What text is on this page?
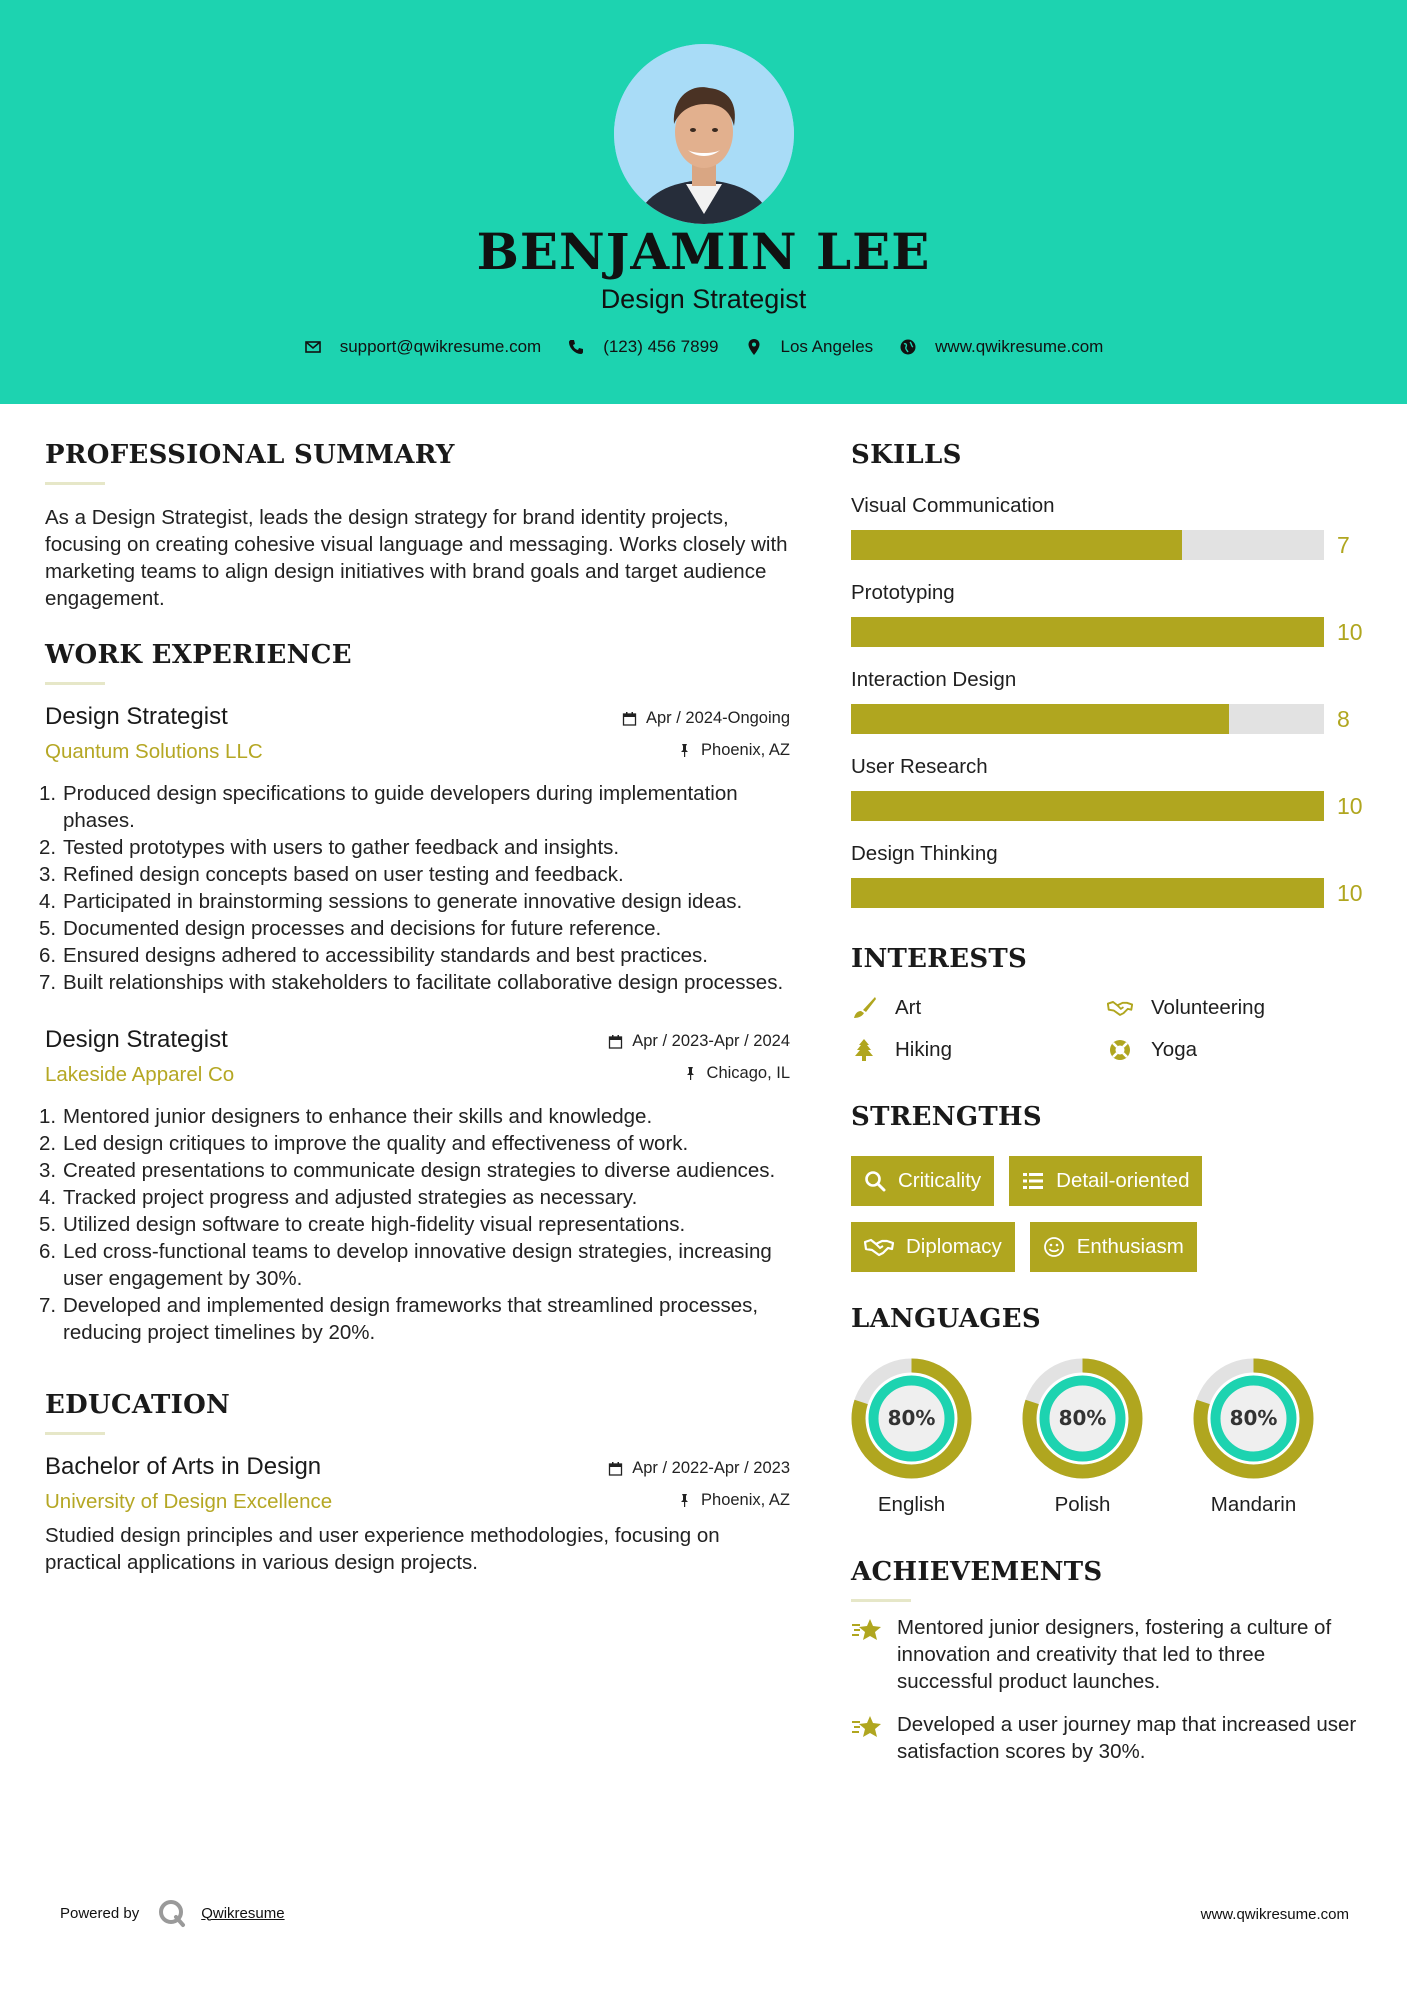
BENJAMIN LEE
Design Strategist
support@qwikresume.com	(123) 456 7899	Los Angeles	www.qwikresume.com
PROFESSIONAL SUMMARY
As a Design Strategist, leads the design strategy for brand identity projects, focusing on creating cohesive visual language and messaging. Works closely with marketing teams to align design initiatives with brand goals and target audience engagement.
WORK EXPERIENCE
Design Strategist
Quantum Solutions LLC
Apr / 2024-Ongoing
Phoenix, AZ
1. Produced design specifications to guide developers during implementation phases.
2. Tested prototypes with users to gather feedback and insights.
3. Refined design concepts based on user testing and feedback.
4. Participated in brainstorming sessions to generate innovative design ideas.
5. Documented design processes and decisions for future reference.
6. Ensured designs adhered to accessibility standards and best practices.
7. Built relationships with stakeholders to facilitate collaborative design processes.
Design Strategist
Lakeside Apparel Co
Apr / 2023-Apr / 2024
Chicago, IL
1. Mentored junior designers to enhance their skills and knowledge.
2. Led design critiques to improve the quality and effectiveness of work.
3. Created presentations to communicate design strategies to diverse audiences.
4. Tracked project progress and adjusted strategies as necessary.
5. Utilized design software to create high-fidelity visual representations.
6. Led cross-functional teams to develop innovative design strategies, increasing user engagement by 30%.
7. Developed and implemented design frameworks that streamlined processes, reducing project timelines by 20%.
EDUCATION
Bachelor of Arts in Design
University of Design Excellence
Apr / 2022-Apr / 2023
Phoenix, AZ
Studied design principles and user experience methodologies, focusing on practical applications in various design projects.
SKILLS
Visual Communication
7
Prototyping
10
Interaction Design
8
User Research
10
Design Thinking
10
INTERESTS
Art	Volunteering
Hiking	Yoga
STRENGTHS
Criticality	Detail-oriented
Diplomacy	Enthusiasm
LANGUAGES
80%
English
80%
Polish
80%
Mandarin
ACHIEVEMENTS
Mentored junior designers, fostering a culture of innovation and creativity that led to three successful product launches.
Developed a user journey map that increased user satisfaction scores by 30%.
Powered by	Qwikresume	www.qwikresume.com
